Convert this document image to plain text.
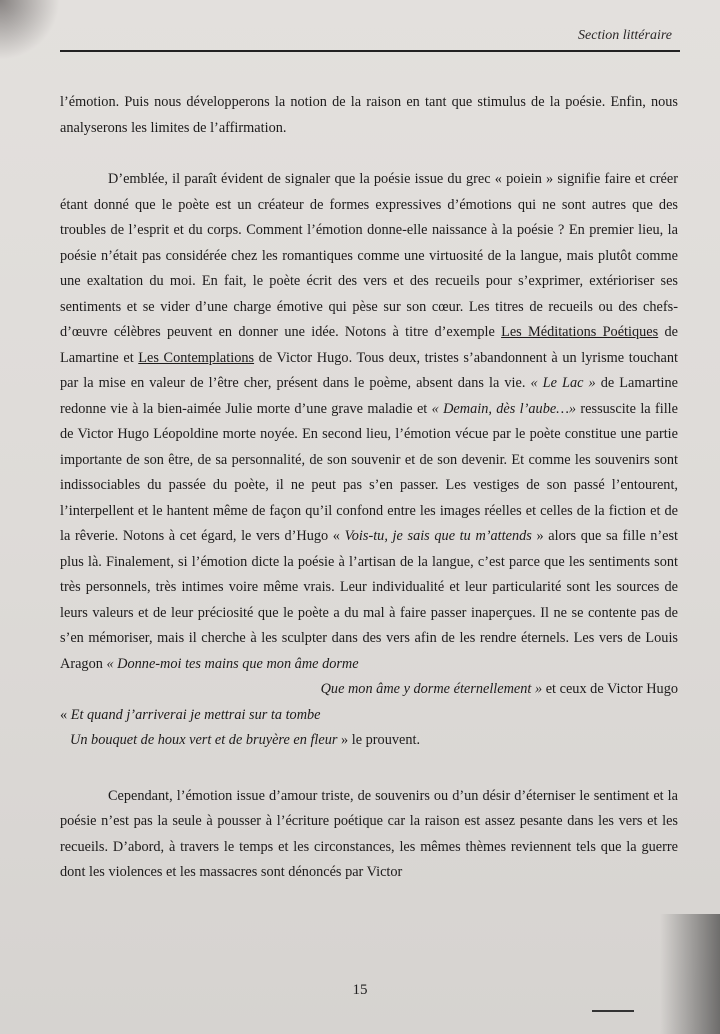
Section littéraire

l’émotion. Puis nous développerons la notion de la raison en tant que stimulus de la poésie. Enfin, nous analyserons les limites de l’affirmation.

D’emblée, il paraît évident de signaler que la poésie issue du grec « poiein » signifie faire et créer étant donné que le poète est un créateur de formes expressives d’émotions qui ne sont autres que des troubles de l’esprit et du corps. Comment l’émotion donne-elle naissance à la poésie ? En premier lieu, la poésie n’était pas considérée chez les romantiques comme une virtuosité de la langue, mais plutôt comme une exaltation du moi. En fait, le poète écrit des vers et des recueils pour s’exprimer, extérioriser ses sentiments et se vider d’une charge émotive qui pèse sur son cœur. Les titres de recueils ou des chefs-d’œuvre célèbres peuvent en donner une idée. Notons à titre d’exemple Les Méditations Poétiques de Lamartine et Les Contemplations de Victor Hugo. Tous deux, tristes s’abandonnent à un lyrisme touchant par la mise en valeur de l’être cher, présent dans le poème, absent dans la vie. « Le Lac » de Lamartine redonne vie à la bien-aimée Julie morte d’une grave maladie et « Demain, dès l’aube…» ressuscite la fille de Victor Hugo Léopoldine morte noyée. En second lieu, l’émotion vécue par le poète constitue une partie importante de son être, de sa personnalité, de son souvenir et de son devenir. Et comme les souvenirs sont indissociables du passée du poète, il ne peut pas s’en passer. Les vestiges de son passé l’entourent, l’interpellent et le hantent même de façon qu’il confond entre les images réelles et celles de la fiction et de la rêverie. Notons à cet égard, le vers d’Hugo « Vois-tu, je sais que tu m’attends » alors que sa fille n’est plus là. Finalement, si l’émotion dicte la poésie à l’artisan de la langue, c’est parce que les sentiments sont très personnels, très intimes voire même vrais. Leur individualité et leur particularité sont les sources de leurs valeurs et de leur préciosité que le poète a du mal à faire passer inaperçues. Il ne se contente pas de s’en mémoriser, mais il cherche à les sculpter dans des vers afin de les rendre éternels. Les vers de Louis Aragon « Donne-moi tes mains que mon âme dorme

Que mon âme y dorme éternellement » et ceux de Victor Hugo

« Et quand j’arriverai je mettrai sur ta tombe

Un bouquet de houx vert et de bruyère en fleur » le prouvent.

Cependant, l’émotion issue d’amour triste, de souvenirs ou d’un désir d’éterniser le sentiment et la poésie n’est pas la seule à pousser à l’écriture poétique car la raison est assez pesante dans les vers et les recueils. D’abord, à travers le temps et les circonstances, les mêmes thèmes reviennent tels que la guerre dont les violences et les massacres sont dénoncés par Victor

15
